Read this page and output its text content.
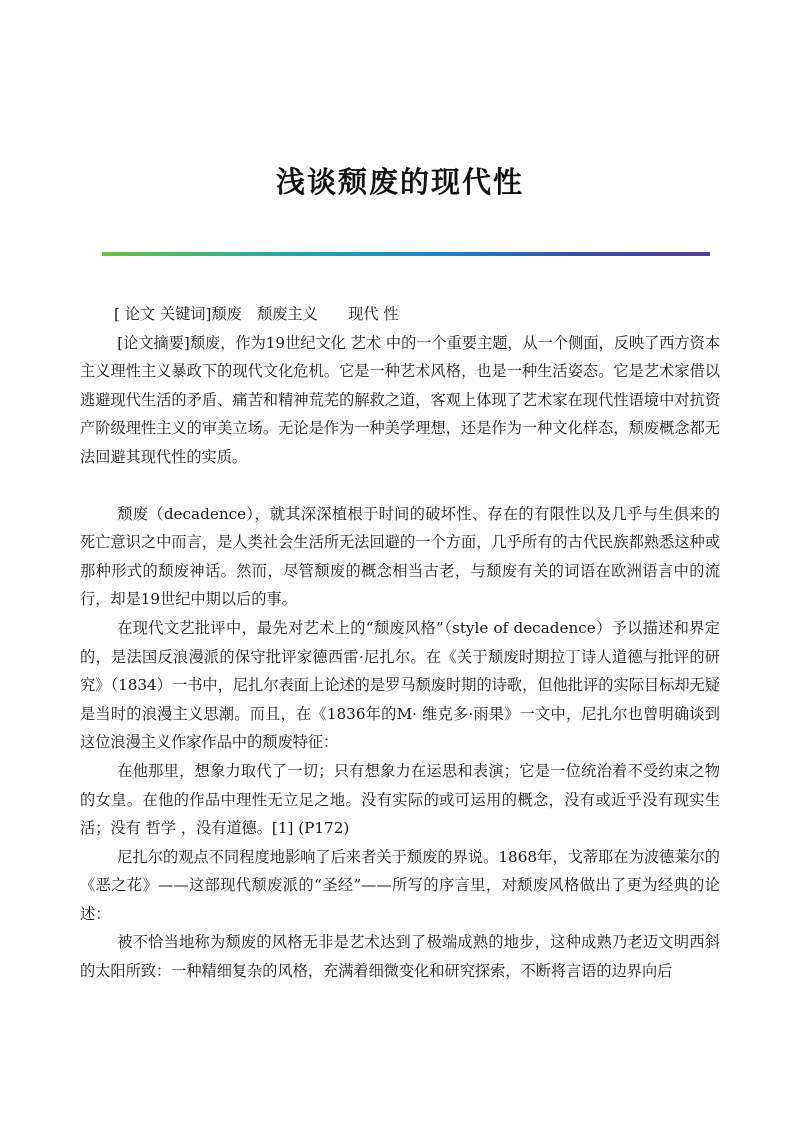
浅谈颓废的现代性

[ 论文 关键词]颓废　颓废主义　　现代 性

[论文摘要]颓废，作为19世纪文化 艺术 中的一个重要主题，从一个侧面，反映了西方资本主义理性主义暴政下的现代文化危机。它是一种艺术风格，也是一种生活姿态。它是艺术家借以逃避现代生活的矛盾、痛苦和精神荒芜的解救之道，客观上体现了艺术家在现代性语境中对抗资产阶级理性主义的审美立场。无论是作为一种美学理想，还是作为一种文化样态，颓废概念都无法回避其现代性的实质。

颓废（decadence），就其深深植根于时间的破坏性、存在的有限性以及几乎与生俱来的死亡意识之中而言，是人类社会生活所无法回避的一个方面，几乎所有的古代民族都熟悉这种或那种形式的颓废神话。然而，尽管颓废的概念相当古老，与颓废有关的词语在欧洲语言中的流行，却是19世纪中期以后的事。

在现代文艺批评中，最先对艺术上的“颓废风格”（style of decadence）予以描述和界定的，是法国反浪漫派的保守批评家德西雷·尼扎尔。在《关于颓废时期拉丁诗人道德与批评的研究》（1834）一书中，尼扎尔表面上论述的是罗马颓废时期的诗歌，但他批评的实际目标却无疑是当时的浪漫主义思潮。而且，在《1836年的M· 维克多·雨果》一文中，尼扎尔也曾明确谈到这位浪漫主义作家作品中的颓废特征：

在他那里，想象力取代了一切；只有想象力在运思和表演；它是一位统治着不受约束之物的女皇。在他的作品中理性无立足之地。没有实际的或可运用的概念，没有或近乎没有现实生活；没有 哲学 ，没有道德。[1] (P172)

尼扎尔的观点不同程度地影响了后来者关于颓废的界说。1868年，戈蒂耶在为波德莱尔的《恶之花》——这部现代颓废派的“圣经”——所写的序言里，对颓废风格做出了更为经典的论述：

被不恰当地称为颓废的风格无非是艺术达到了极端成熟的地步，这种成熟乃老迈文明西斜的太阳所致：一种精细复杂的风格，充满着细微变化和研究探索，不断将言语的边界向后
